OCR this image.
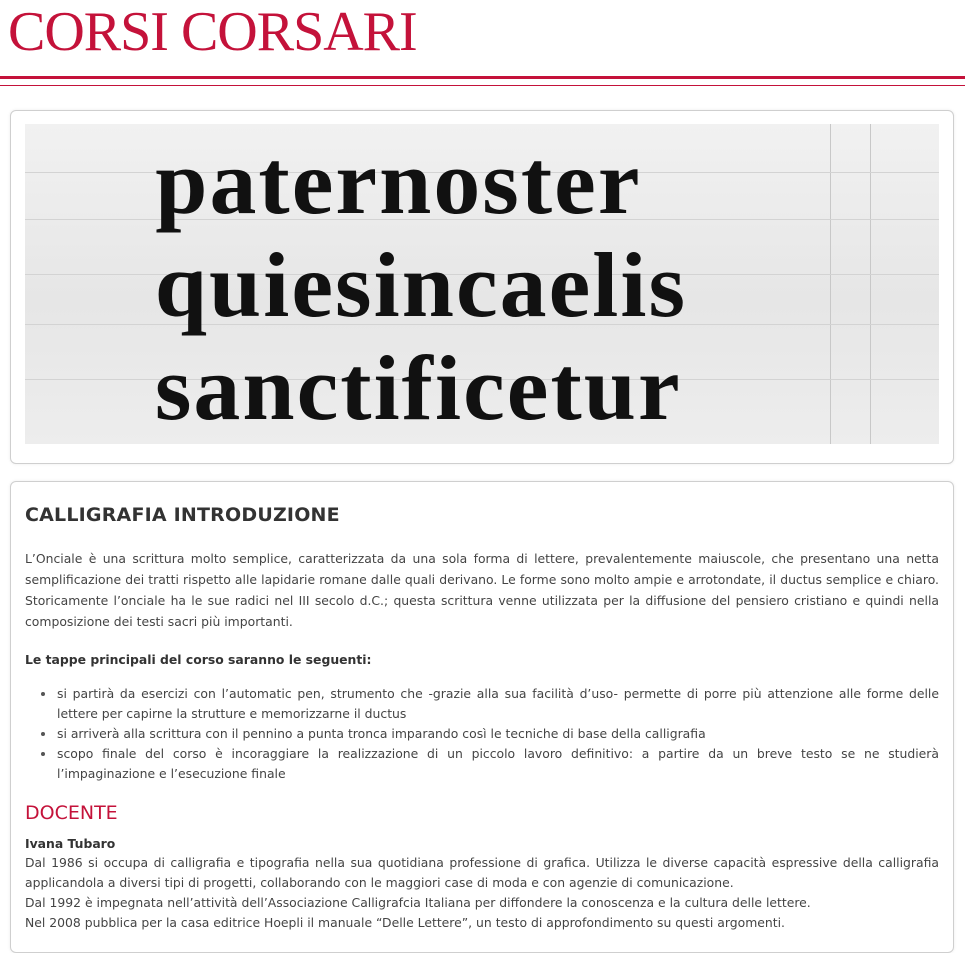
CORSI CORSARI
paternoster
quiesincaelis
sanctificetur
CALLIGRAFIA INTRODUZIONE
L’Onciale è una scrittura molto semplice, caratterizzata da una sola forma di lettere, prevalentemente maiuscole, che presentano una netta semplificazione dei tratti rispetto alle lapidarie romane dalle quali derivano. Le forme sono molto ampie e arrotondate, il ductus semplice e chiaro. Storicamente l’onciale ha le sue radici nel III secolo d.C.; questa scrittura venne utilizzata per la diffusione del pensiero cristiano e quindi nella composizione dei testi sacri più importanti.
Le tappe principali del corso saranno le seguenti:
si partirà da esercizi con l’automatic pen, strumento che -grazie alla sua facilità d’uso- permette di porre più attenzione alle forme delle lettere per capirne la strutture e memorizzarne il ductus
si arriverà alla scrittura con il pennino a punta tronca imparando così le tecniche di base della calligrafia
scopo finale del corso è incoraggiare la realizzazione di un piccolo lavoro definitivo: a partire da un breve testo se ne studierà l’impaginazione e l’esecuzione finale
DOCENTE
Ivana Tubaro
Dal 1986 si occupa di calligrafia e tipografia nella sua quotidiana professione di grafica. Utilizza le diverse capacità espressive della calligrafia applicandola a diversi tipi di progetti, collaborando con le maggiori case di moda e con agenzie di comunicazione.
Dal 1992 è impegnata nell’attività dell’Associazione Calligrafcia Italiana per diffondere la conoscenza e la cultura delle lettere.
Nel 2008 pubblica per la casa editrice Hoepli il manuale “Delle Lettere”, un testo di approfondimento su questi argomenti.
